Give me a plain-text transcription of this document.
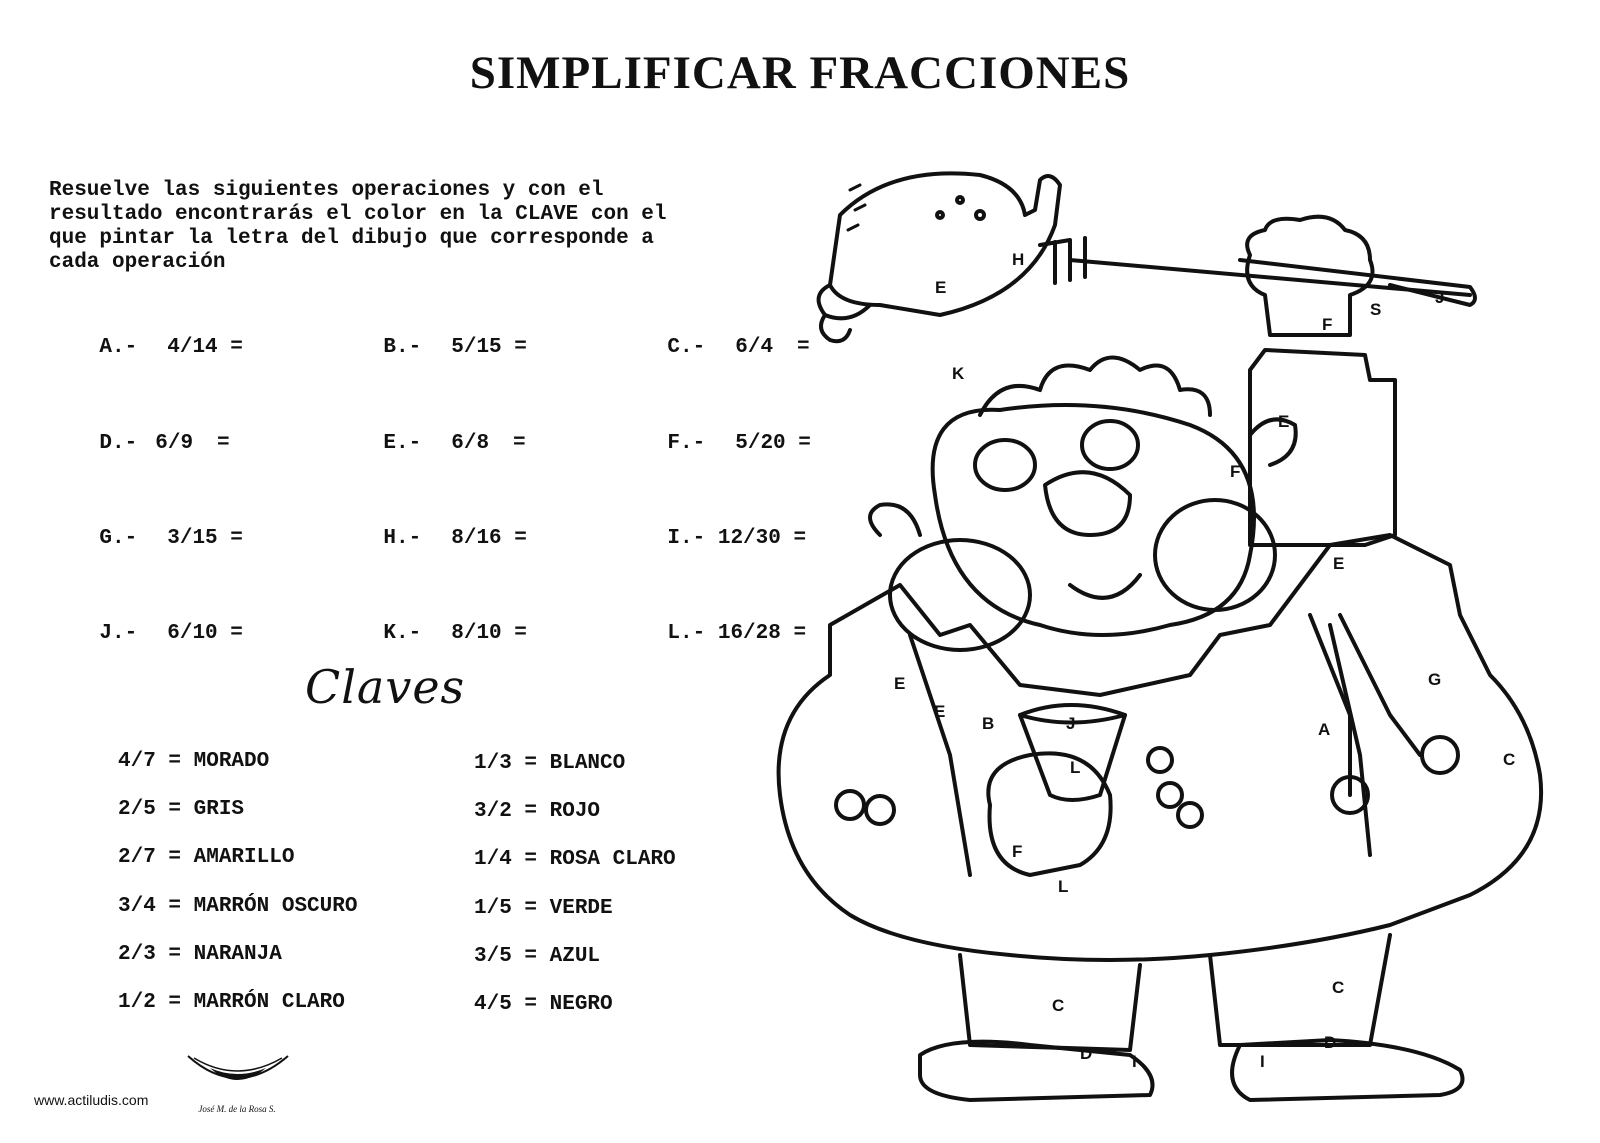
SIMPLIFICAR FRACCIONES
Resuelve las siguientes operaciones y con el
resultado encontrarás el color en la CLAVE con el
que pintar la letra del dibujo que corresponde a
cada operación

A.- 4/14 =
	B.- 5/15 =
	C.- 6/4 =

D.- 6/9 =
	E.- 6/8 =
	F.- 5/20 =

G.- 3/15 =
	H.- 8/16 =
	I.- 12/30 =

J.- 6/10 =
	K.- 8/10 =
	L.- 16/28 =

Claves
4/7 = MORADO
2/5 = GRIS
2/7 = AMARILLO
3/4 = MARRÓN OSCURO
2/3 = NARANJA
1/2 = MARRÓN CLARO
1/3 = BLANCO
3/2 = ROJO
1/4 = ROSA CLARO
1/5 = VERDE
3/5 = AZUL
4/5 = NEGRO
www.actiludis.com
José M. de la Rosa S.
H
E
J
F
S
K
E
F
E
E
E
B	J
L
A
G
C
F
L
C
C
D I	I
D
